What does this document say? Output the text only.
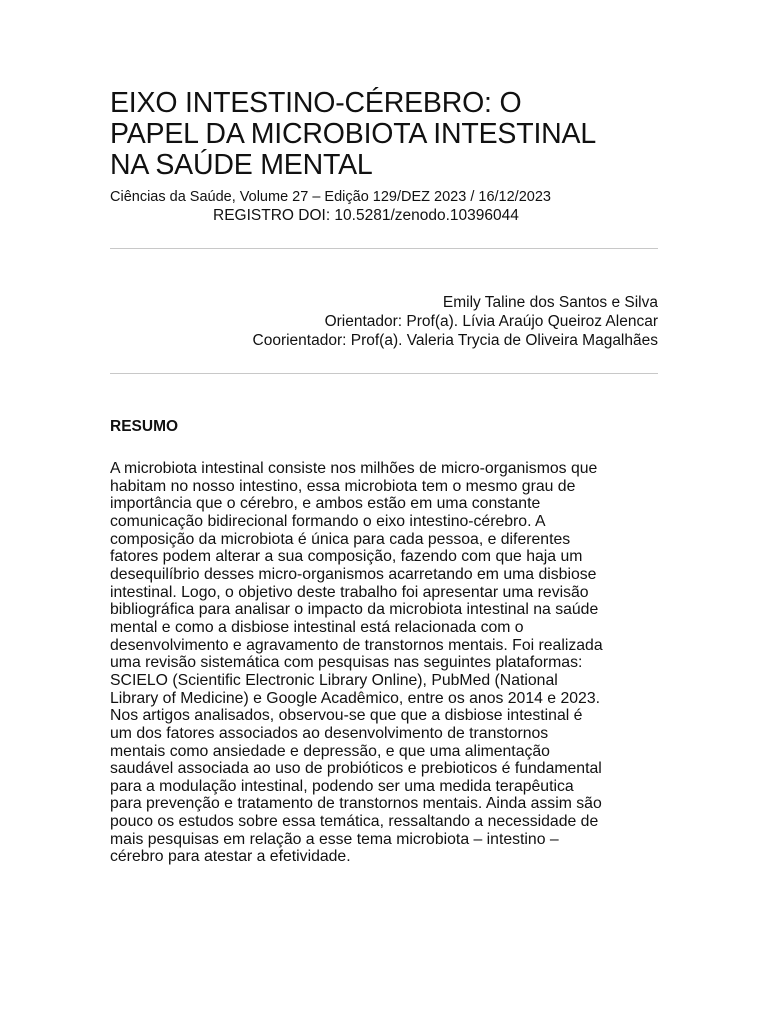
EIXO INTESTINO-CÉREBRO: O
PAPEL DA MICROBIOTA INTESTINAL
NA SAÚDE MENTAL
Ciências da Saúde, Volume 27 – Edição 129/DEZ 2023 / 16/12/2023
REGISTRO DOI: 10.5281/zenodo.10396044
Emily Taline dos Santos e Silva
Orientador: Prof(a). Lívia Araújo Queiroz Alencar
Coorientador: Prof(a). Valeria Trycia de Oliveira Magalhães
RESUMO

A microbiota intestinal consiste nos milhões de micro-organismos que
habitam no nosso intestino, essa microbiota tem o mesmo grau de
importância que o cérebro, e ambos estão em uma constante
comunicação bidirecional formando o eixo intestino-cérebro. A
composição da microbiota é única para cada pessoa, e diferentes
fatores podem alterar a sua composição, fazendo com que haja um
desequilíbrio desses micro-organismos acarretando em uma disbiose
intestinal. Logo, o objetivo deste trabalho foi apresentar uma revisão
bibliográfica para analisar o impacto da microbiota intestinal na saúde
mental e como a disbiose intestinal está relacionada com o
desenvolvimento e agravamento de transtornos mentais. Foi realizada
uma revisão sistemática com pesquisas nas seguintes plataformas:
SCIELO (Scientific Electronic Library Online), PubMed (National
Library of Medicine) e Google Acadêmico, entre os anos 2014 e 2023.
Nos artigos analisados, observou-se que que a disbiose intestinal é
um dos fatores associados ao desenvolvimento de transtornos
mentais como ansiedade e depressão, e que uma alimentação
saudável associada ao uso de probióticos e prebioticos é fundamental
para a modulação intestinal, podendo ser uma medida terapêutica
para prevenção e tratamento de transtornos mentais. Ainda assim são
pouco os estudos sobre essa temática, ressaltando a necessidade de
mais pesquisas em relação a esse tema microbiota – intestino –
cérebro para atestar a efetividade.
